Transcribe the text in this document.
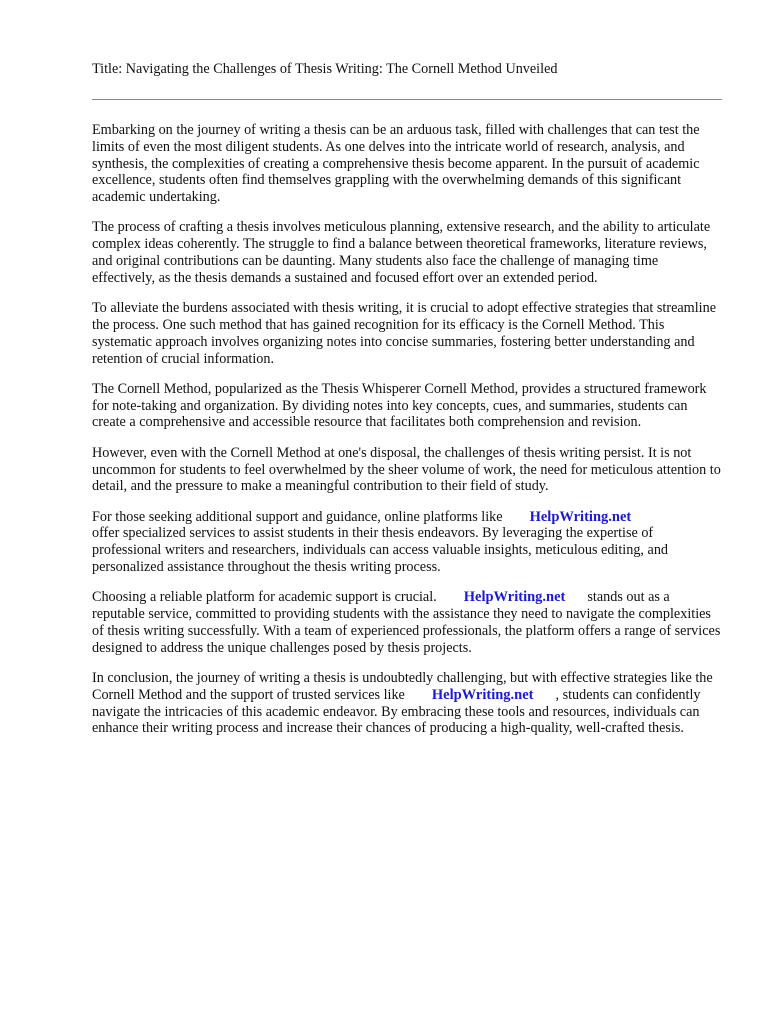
Title: Navigating the Challenges of Thesis Writing: The Cornell Method Unveiled

Embarking on the journey of writing a thesis can be an arduous task, filled with challenges that can test the limits of even the most diligent students. As one delves into the intricate world of research, analysis, and synthesis, the complexities of creating a comprehensive thesis become apparent. In the pursuit of academic excellence, students often find themselves grappling with the overwhelming demands of this significant academic undertaking.

The process of crafting a thesis involves meticulous planning, extensive research, and the ability to articulate complex ideas coherently. The struggle to find a balance between theoretical frameworks, literature reviews, and original contributions can be daunting. Many students also face the challenge of managing time effectively, as the thesis demands a sustained and focused effort over an extended period.

To alleviate the burdens associated with thesis writing, it is crucial to adopt effective strategies that streamline the process. One such method that has gained recognition for its efficacy is the Cornell Method. This systematic approach involves organizing notes into concise summaries, fostering better understanding and retention of crucial information.

The Cornell Method, popularized as the Thesis Whisperer Cornell Method, provides a structured framework for note-taking and organization. By dividing notes into key concepts, cues, and summaries, students can create a comprehensive and accessible resource that facilitates both comprehension and revision.

However, even with the Cornell Method at one's disposal, the challenges of thesis writing persist. It is not uncommon for students to feel overwhelmed by the sheer volume of work, the need for meticulous attention to detail, and the pressure to make a meaningful contribution to their field of study.

For those seeking additional support and guidance, online platforms like HelpWriting.net
offer specialized services to assist students in their thesis endeavors. By leveraging the expertise of professional writers and researchers, individuals can access valuable insights, meticulous editing, and personalized assistance throughout the thesis writing process.

Choosing a reliable platform for academic support is crucial. HelpWriting.net stands out as a reputable service, committed to providing students with the assistance they need to navigate the complexities of thesis writing successfully. With a team of experienced professionals, the platform offers a range of services designed to address the unique challenges posed by thesis projects.

In conclusion, the journey of writing a thesis is undoubtedly challenging, but with effective strategies like the Cornell Method and the support of trusted services like HelpWriting.net , students can confidently navigate the intricacies of this academic endeavor. By embracing these tools and resources, individuals can enhance their writing process and increase their chances of producing a high-quality, well-crafted thesis.
